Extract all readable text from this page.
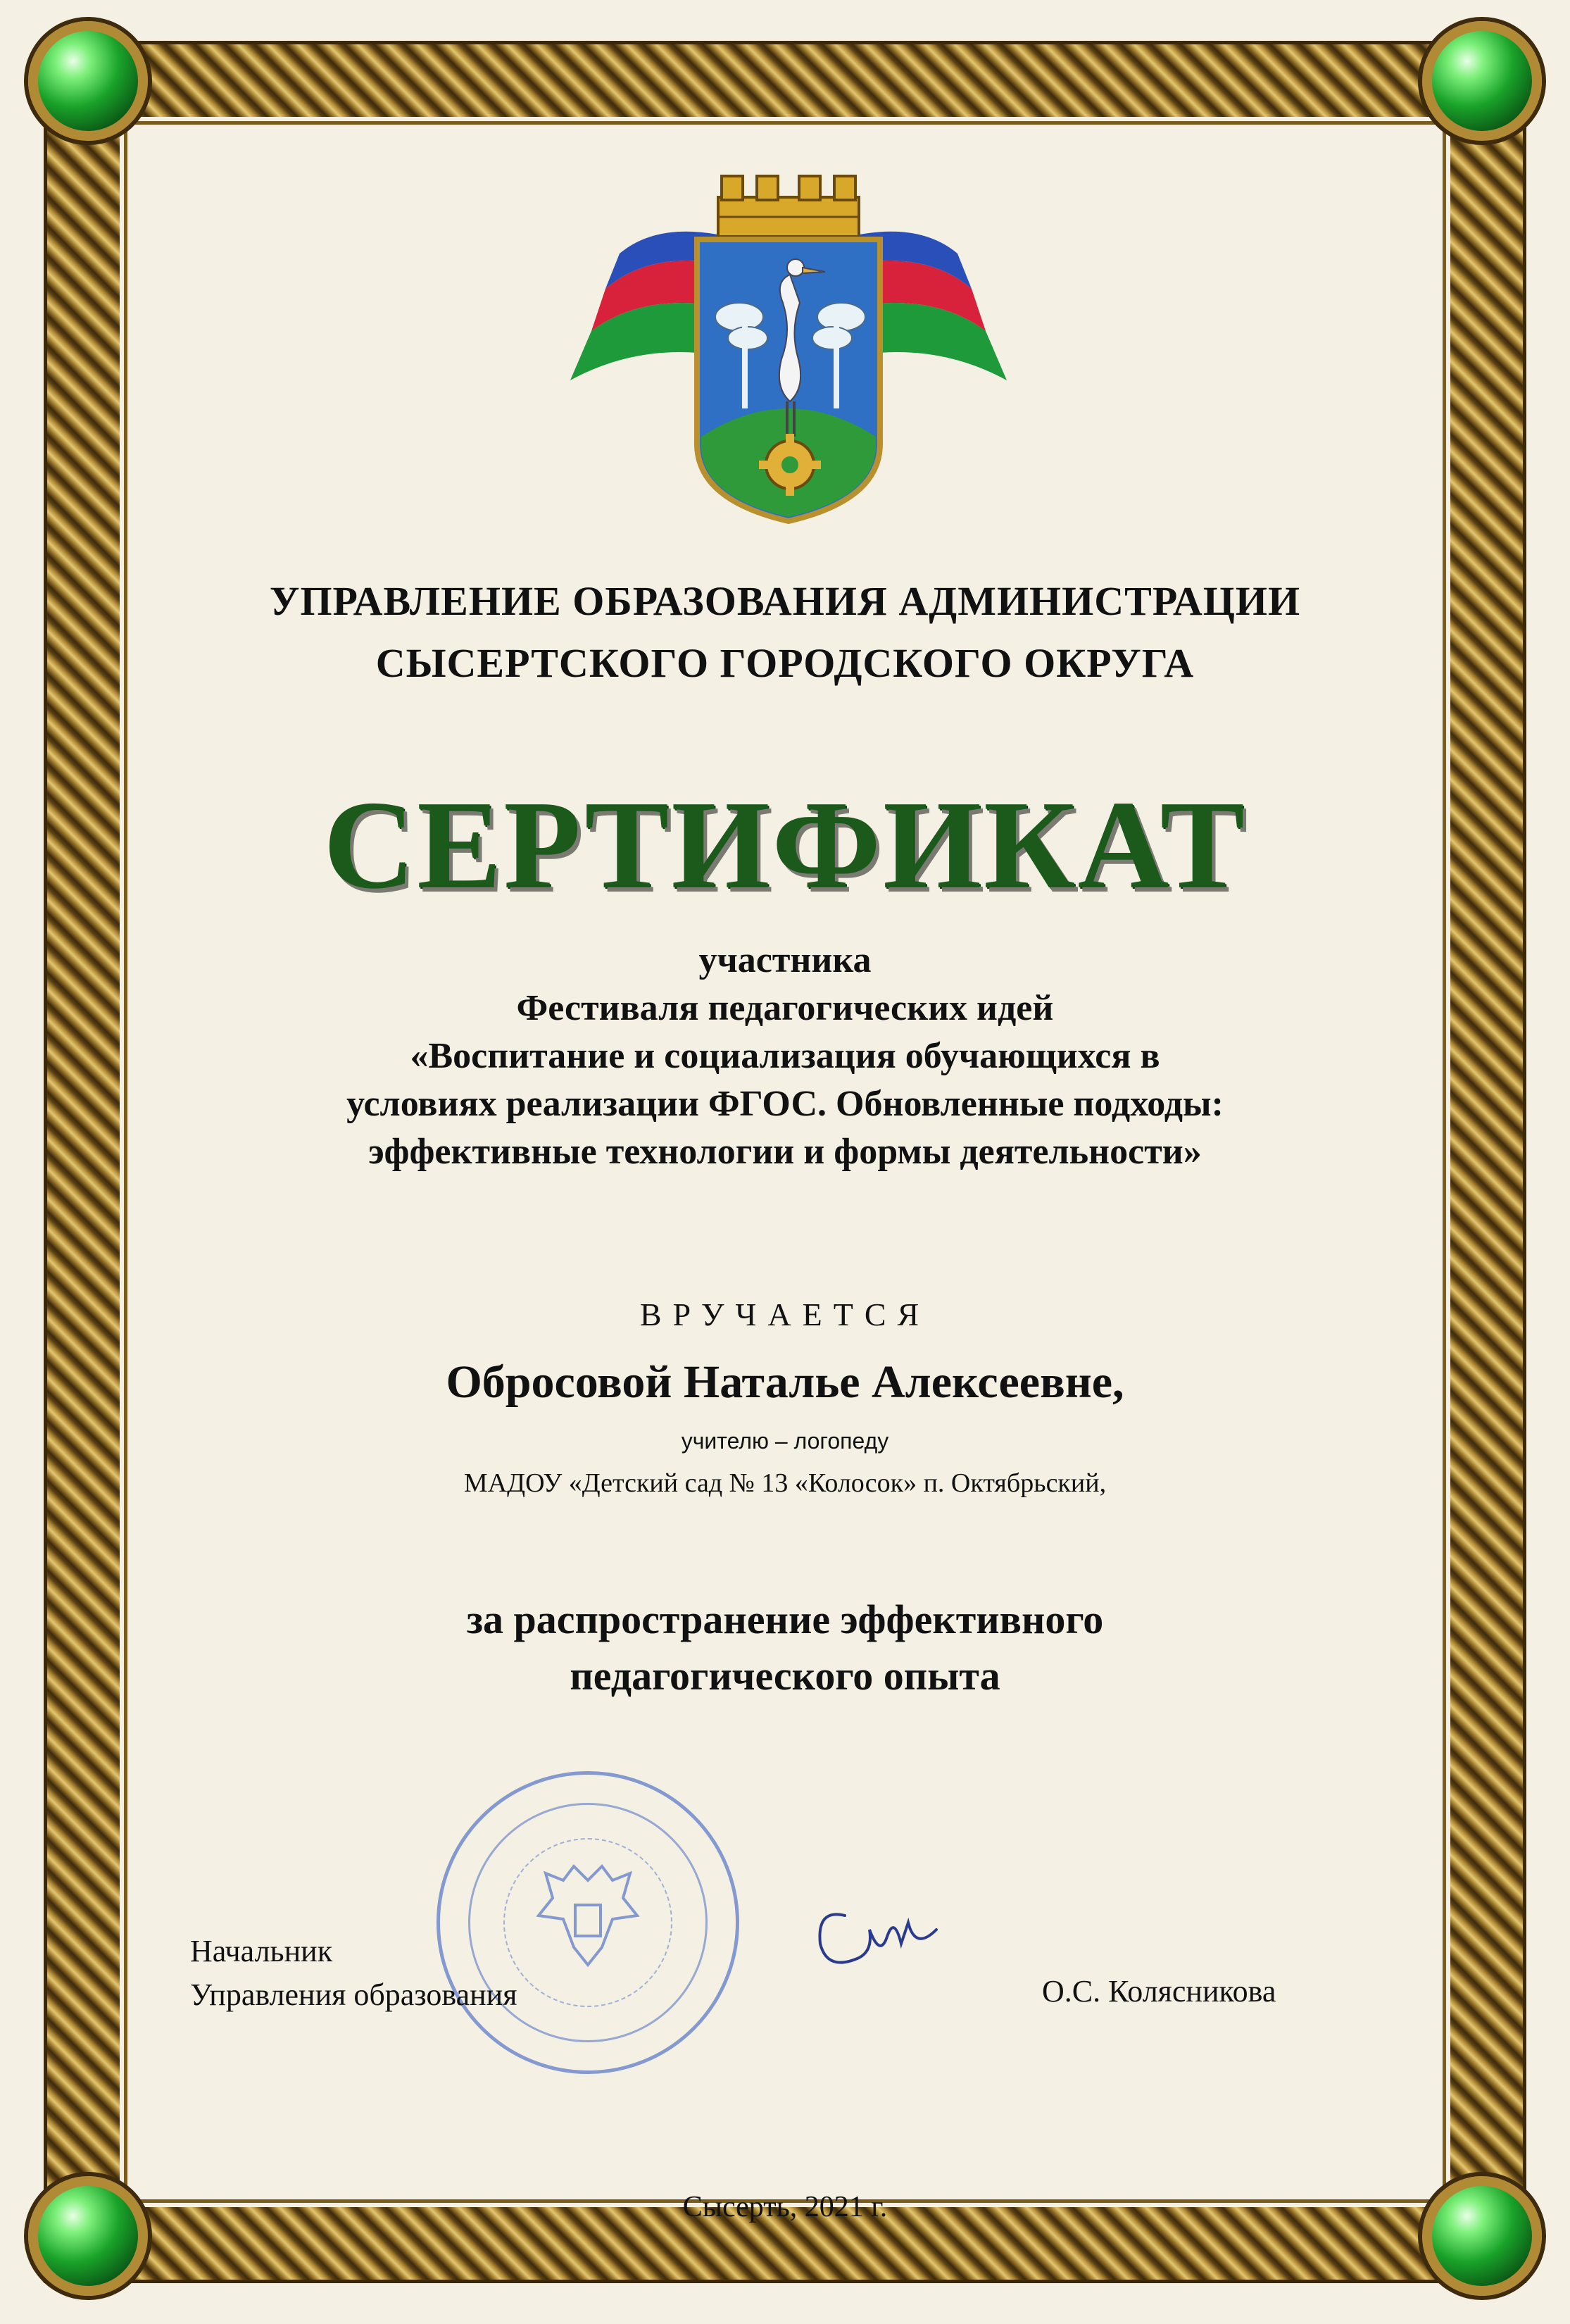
УПРАВЛЕНИЕ ОБРАЗОВАНИЯ АДМИНИСТРАЦИИ
СЫСЕРТСКОГО ГОРОДСКОГО ОКРУГА
СЕРТИФИКАТ
участника
Фестиваля педагогических идей
«Воспитание и социализация обучающихся в
условиях реализации ФГОС. Обновленные подходы:
эффективные технологии и формы деятельности»
ВРУЧАЕТСЯ
Обросовой Наталье Алексеевне,
учителю – логопеду
МАДОУ «Детский сад № 13 «Колосок» п. Октябрьский,
за распространение эффективного
педагогического опыта
Начальник
Управления образования	О.С. Колясникова
Сысерть, 2021 г.
